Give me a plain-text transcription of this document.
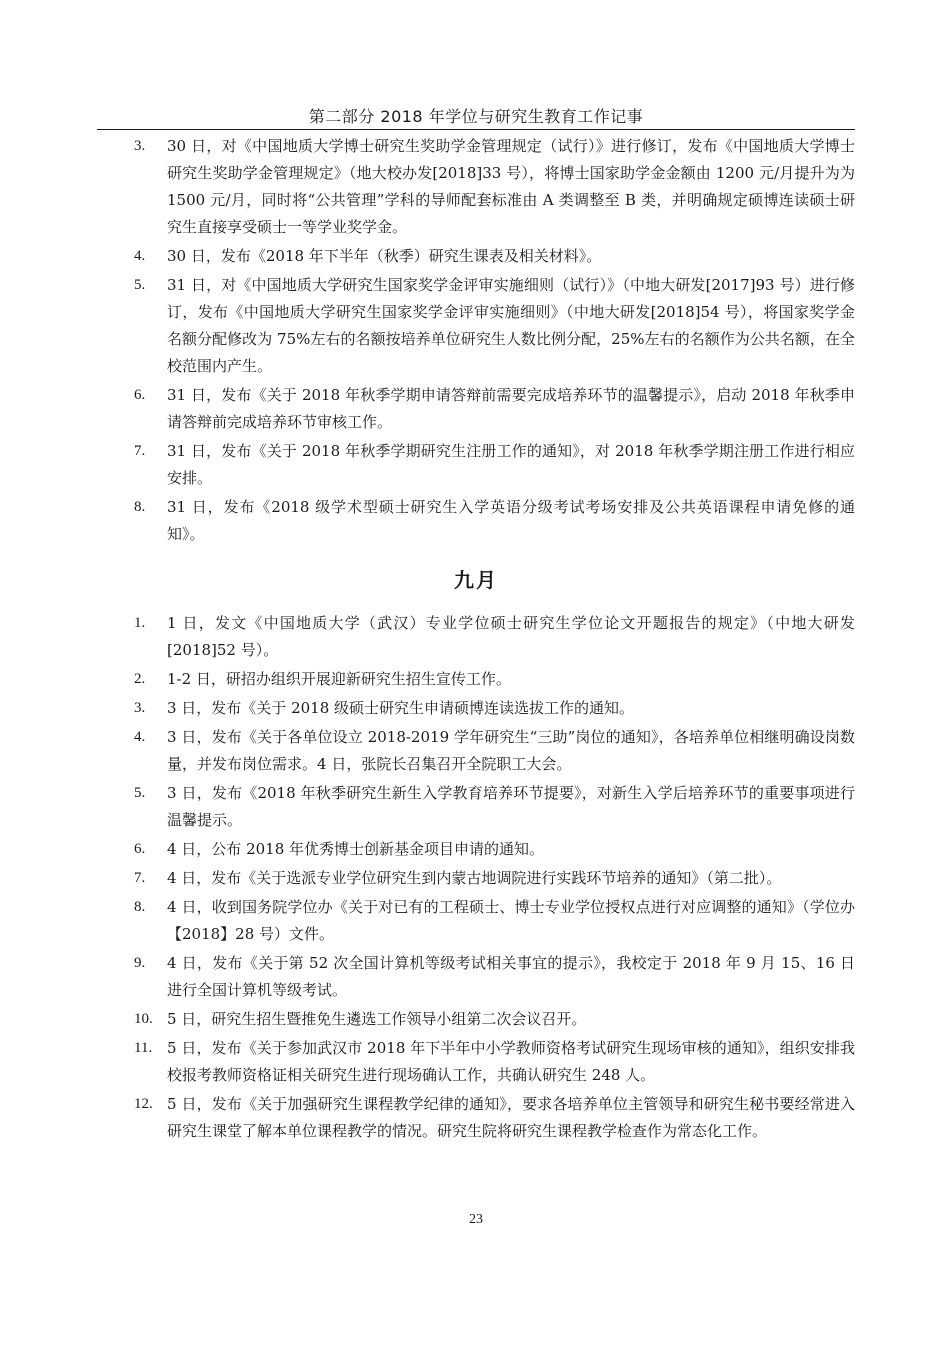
第二部分 2018 年学位与研究生教育工作记事
3. 30 日，对《中国地质大学博士研究生奖助学金管理规定（试行）》进行修订，发布《中国地质大学博士研究生奖助学金管理规定》（地大校办发[2018]33 号），将博士国家助学金金额由 1200 元/月提升为为 1500 元/月，同时将“公共管理”学科的导师配套标准由 A 类调整至 B 类，并明确规定硕博连读硕士研究生直接享受硕士一等学业奖学金。
4. 30 日，发布《2018 年下半年（秋季）研究生课表及相关材料》。
5. 31 日，对《中国地质大学研究生国家奖学金评审实施细则（试行）》（中地大研发[2017]93 号）进行修订，发布《中国地质大学研究生国家奖学金评审实施细则》（中地大研发[2018]54 号），将国家奖学金名额分配修改为 75%左右的名额按培养单位研究生人数比例分配，25%左右的名额作为公共名额，在全校范围内产生。
6. 31 日，发布《关于 2018 年秋季学期申请答辩前需要完成培养环节的温馨提示》，启动 2018 年秋季申请答辩前完成培养环节审核工作。
7. 31 日，发布《关于 2018 年秋季学期研究生注册工作的通知》，对 2018 年秋季学期注册工作进行相应安排。
8. 31 日，发布《2018 级学术型硕士研究生入学英语分级考试考场安排及公共英语课程申请免修的通知》。
九月
1. 1 日，发文《中国地质大学（武汉）专业学位硕士研究生学位论文开题报告的规定》（中地大研发[2018]52 号）。
2. 1-2 日，研招办组织开展迎新研究生招生宣传工作。
3. 3 日，发布《关于 2018 级硕士研究生申请硕博连读选拔工作的通知。
4. 3 日，发布《关于各单位设立 2018-2019 学年研究生“三助”岗位的通知》，各培养单位相继明确设岗数量，并发布岗位需求。4 日，张院长召集召开全院职工大会。
5. 3 日，发布《2018 年秋季研究生新生入学教育培养环节提要》，对新生入学后培养环节的重要事项进行温馨提示。
6. 4 日，公布 2018 年优秀博士创新基金项目申请的通知。
7. 4 日，发布《关于选派专业学位研究生到内蒙古地调院进行实践环节培养的通知》（第二批）。
8. 4 日，收到国务院学位办《关于对已有的工程硕士、博士专业学位授权点进行对应调整的通知》（学位办【2018】28 号）文件。
9. 4 日，发布《关于第 52 次全国计算机等级考试相关事宜的提示》，我校定于 2018 年 9 月 15、16 日进行全国计算机等级考试。
10. 5 日，研究生招生暨推免生遴选工作领导小组第二次会议召开。
11. 5 日，发布《关于参加武汉市 2018 年下半年中小学教师资格考试研究生现场审核的通知》，组织安排我校报考教师资格证相关研究生进行现场确认工作，共确认研究生 248 人。
12. 5 日，发布《关于加强研究生课程教学纪律的通知》，要求各培养单位主管领导和研究生秘书要经常进入研究生课堂了解本单位课程教学的情况。研究生院将研究生课程教学检查作为常态化工作。
23
